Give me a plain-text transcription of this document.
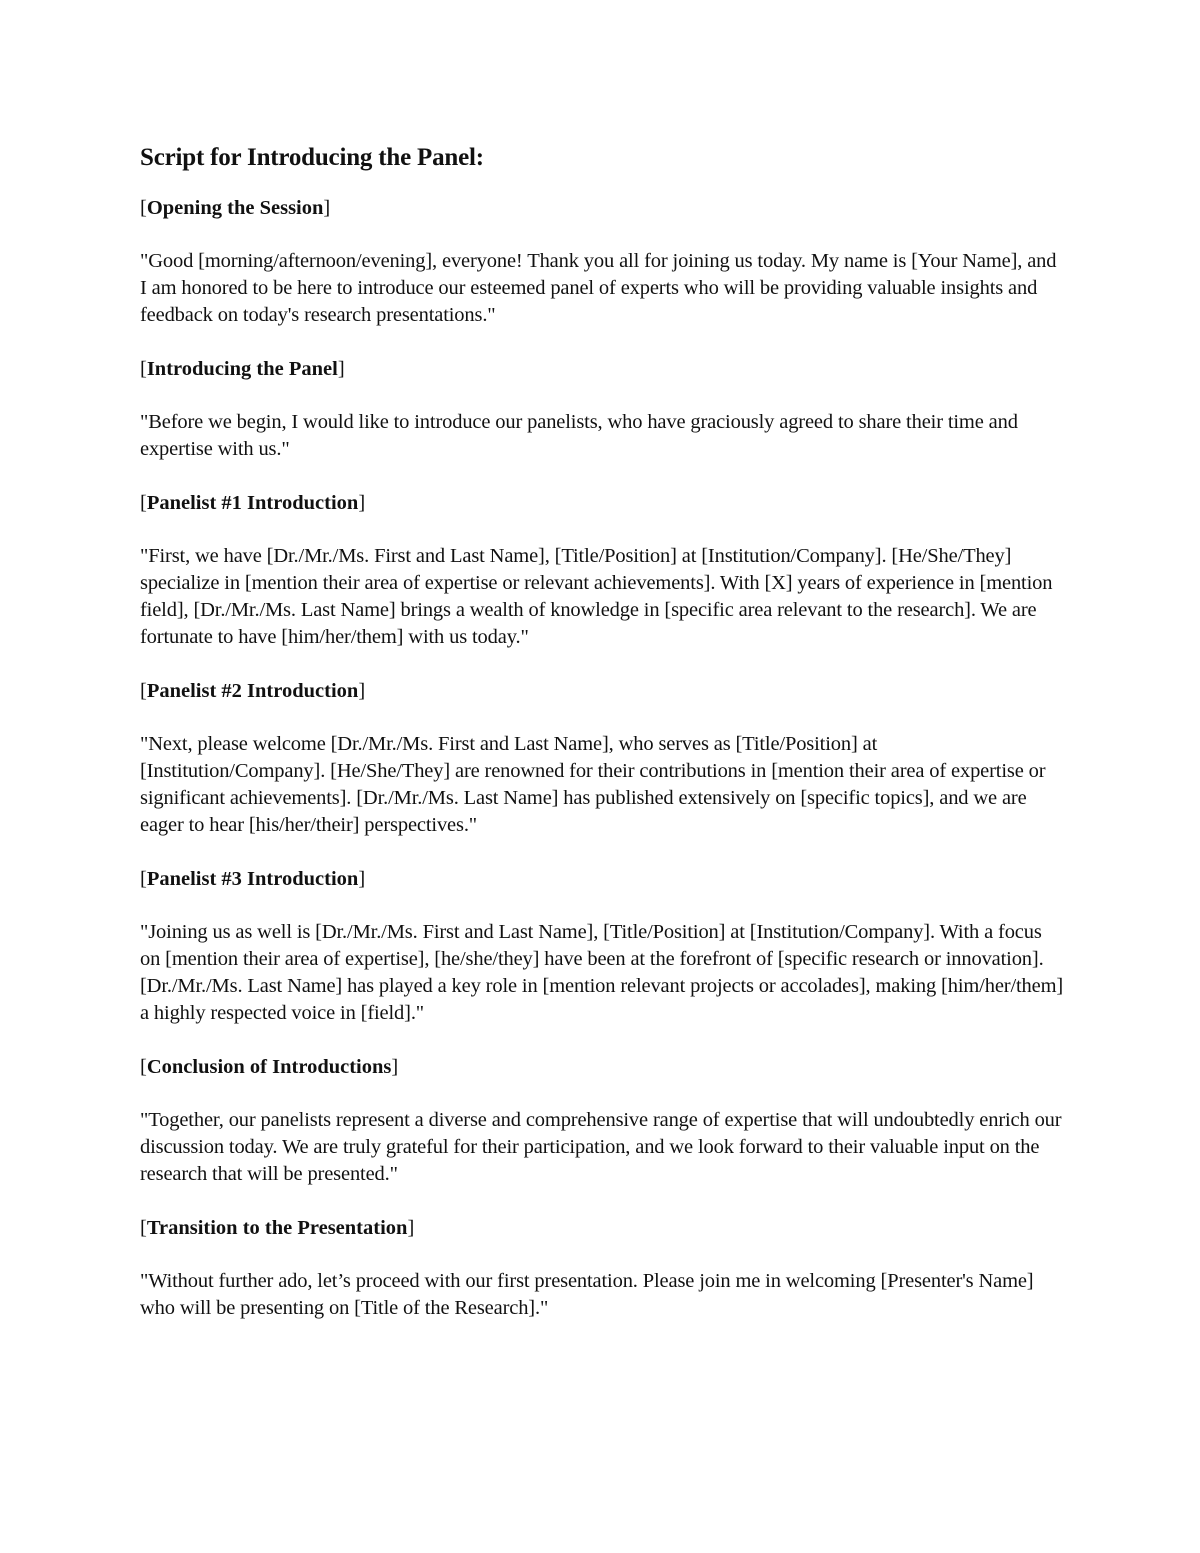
Script for Introducing the Panel:
[Opening the Session]
"Good [morning/afternoon/evening], everyone! Thank you all for joining us today. My name is [Your Name], and I am honored to be here to introduce our esteemed panel of experts who will be providing valuable insights and feedback on today's research presentations."
[Introducing the Panel]
"Before we begin, I would like to introduce our panelists, who have graciously agreed to share their time and expertise with us."
[Panelist #1 Introduction]
"First, we have [Dr./Mr./Ms. First and Last Name], [Title/Position] at [Institution/Company]. [He/She/They] specialize in [mention their area of expertise or relevant achievements]. With [X] years of experience in [mention field], [Dr./Mr./Ms. Last Name] brings a wealth of knowledge in [specific area relevant to the research]. We are fortunate to have [him/her/them] with us today."
[Panelist #2 Introduction]
"Next, please welcome [Dr./Mr./Ms. First and Last Name], who serves as [Title/Position] at [Institution/Company]. [He/She/They] are renowned for their contributions in [mention their area of expertise or significant achievements]. [Dr./Mr./Ms. Last Name] has published extensively on [specific topics], and we are eager to hear [his/her/their] perspectives."
[Panelist #3 Introduction]
"Joining us as well is [Dr./Mr./Ms. First and Last Name], [Title/Position] at [Institution/Company]. With a focus on [mention their area of expertise], [he/she/they] have been at the forefront of [specific research or innovation]. [Dr./Mr./Ms. Last Name] has played a key role in [mention relevant projects or accolades], making [him/her/them] a highly respected voice in [field]."
[Conclusion of Introductions]
"Together, our panelists represent a diverse and comprehensive range of expertise that will undoubtedly enrich our discussion today. We are truly grateful for their participation, and we look forward to their valuable input on the research that will be presented."
[Transition to the Presentation]
"Without further ado, let’s proceed with our first presentation. Please join me in welcoming [Presenter's Name] who will be presenting on [Title of the Research]."
